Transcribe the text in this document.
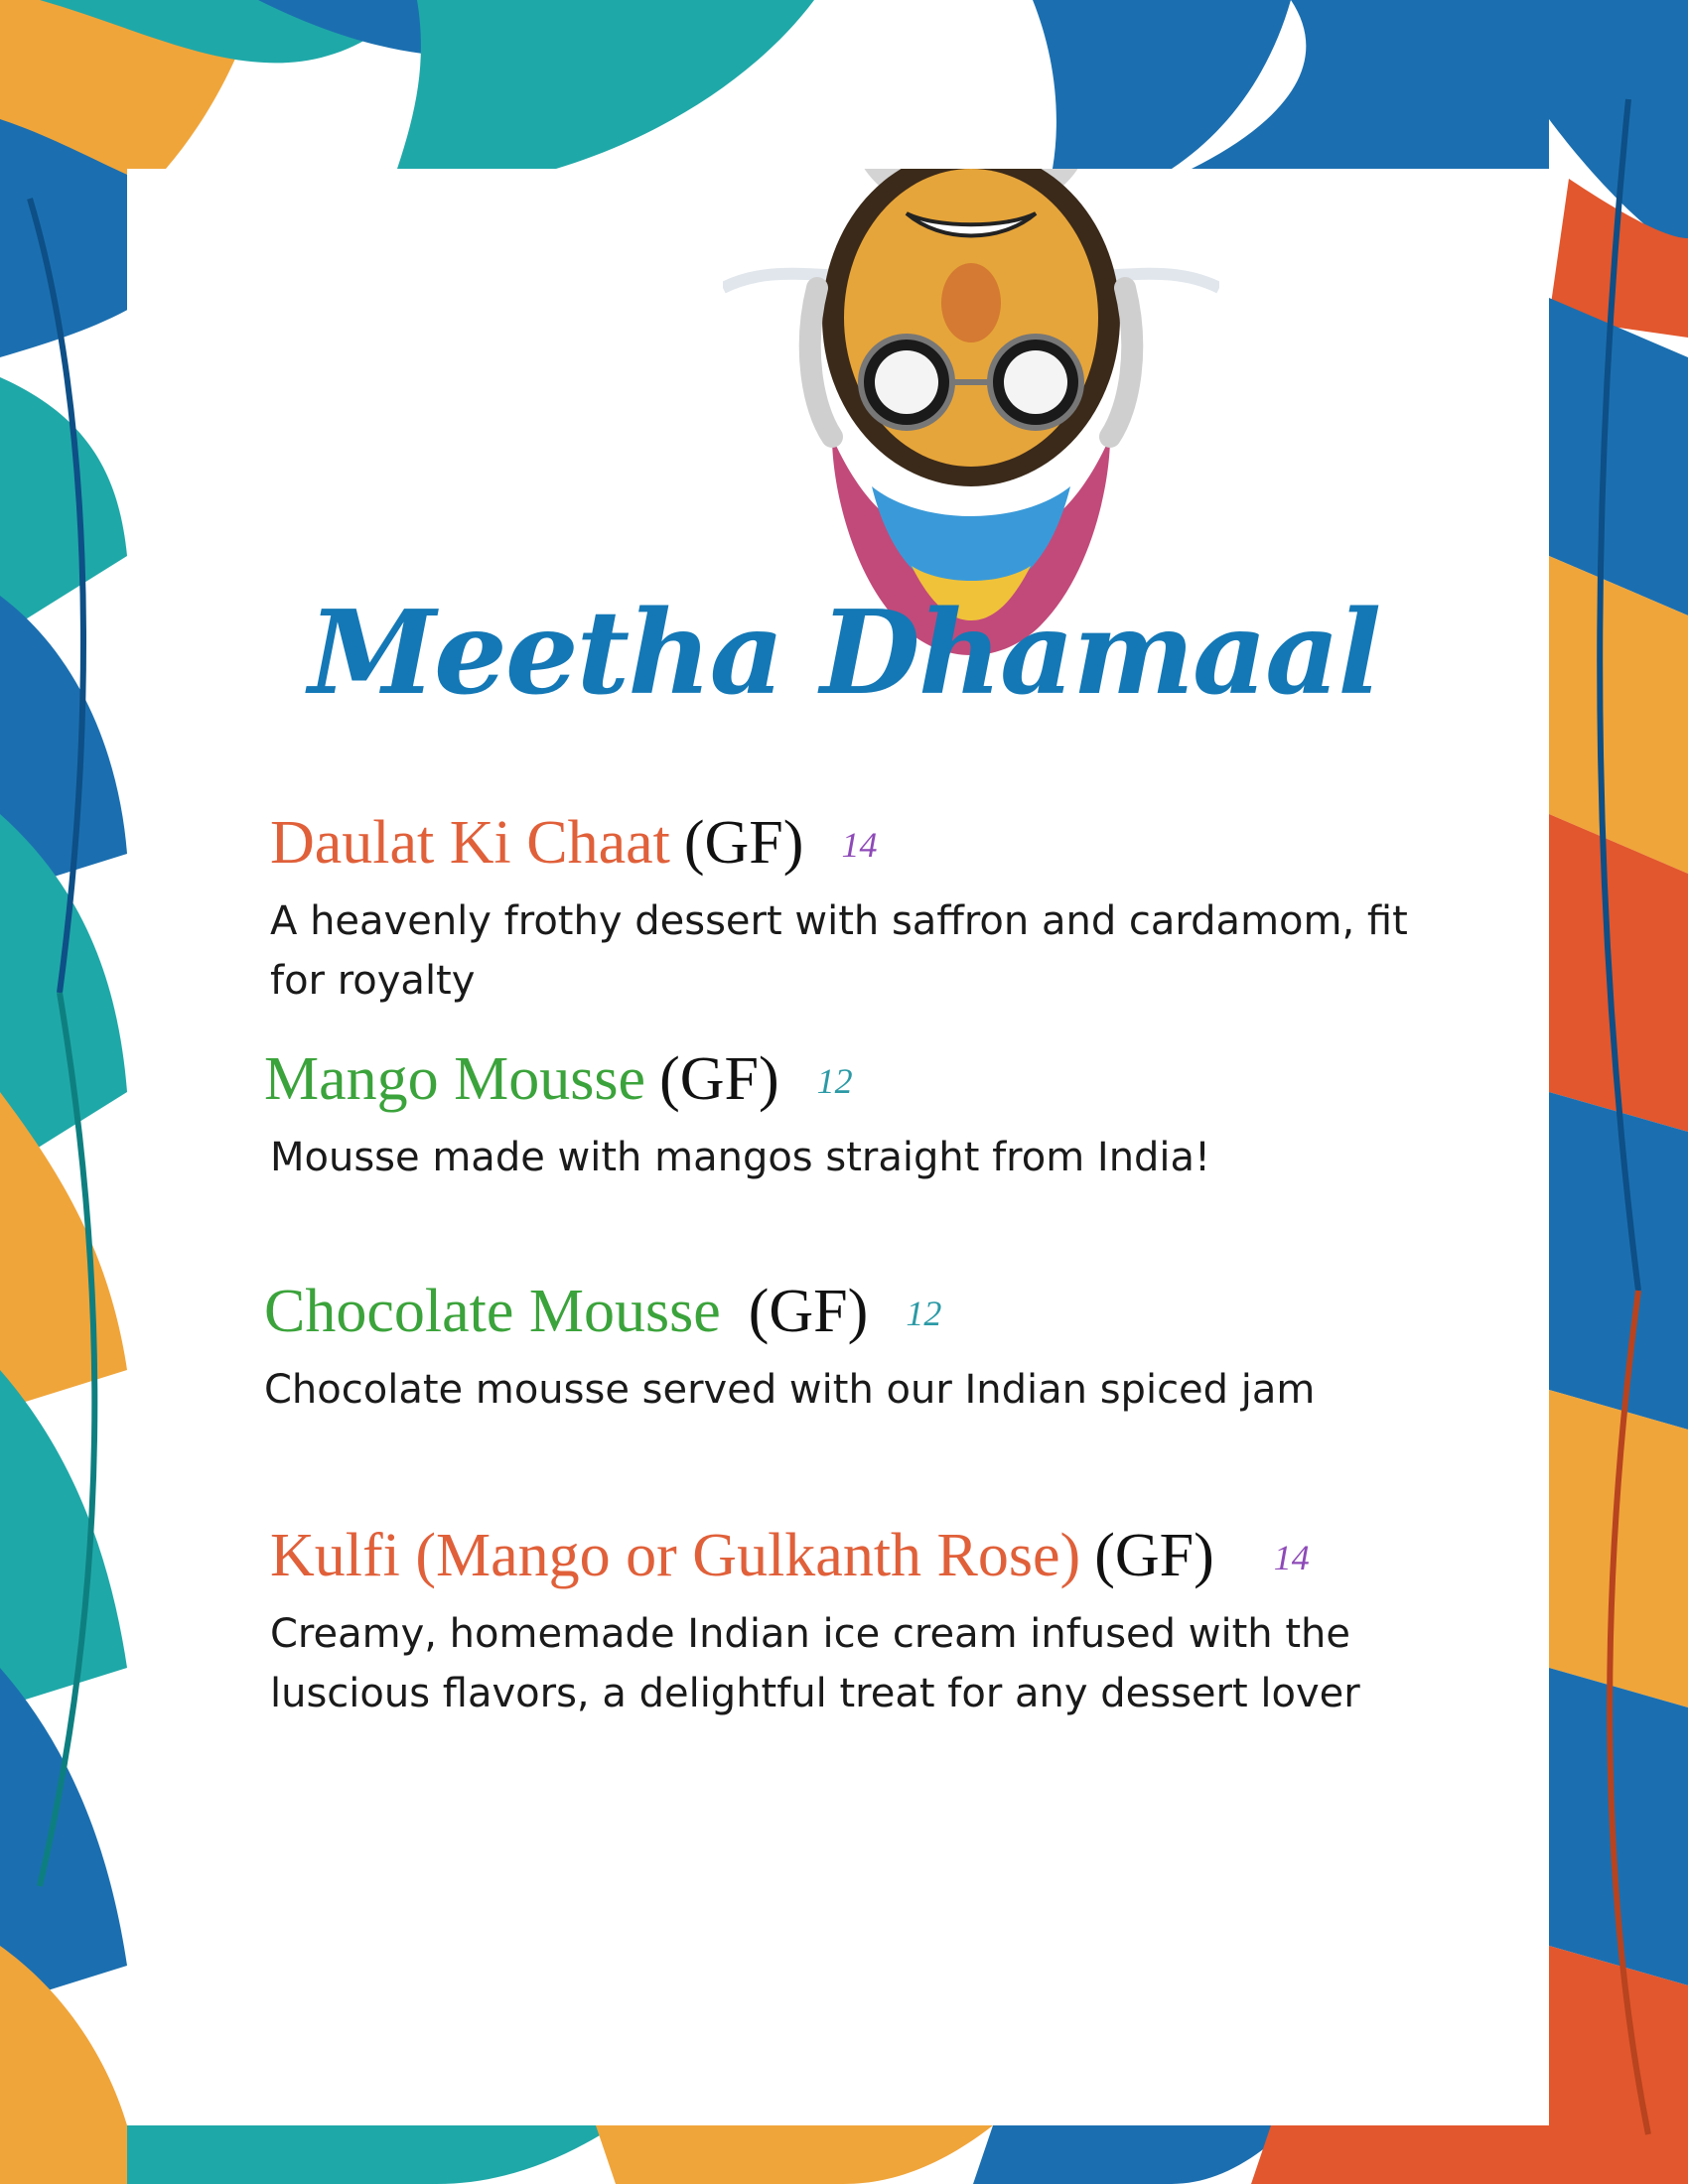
Meetha Dhamaal
Daulat Ki Chaat (GF) 14
A heavenly frothy dessert with saffron and cardamom, fit for royalty
Mango Mousse (GF) 12
Mousse made with mangos straight from India!
Chocolate Mousse (GF) 12
Chocolate mousse served with our Indian spiced jam
Kulfi (Mango or Gulkanth Rose) (GF) 14
Creamy, homemade Indian ice cream infused with the luscious flavors, a delightful treat for any dessert lover
